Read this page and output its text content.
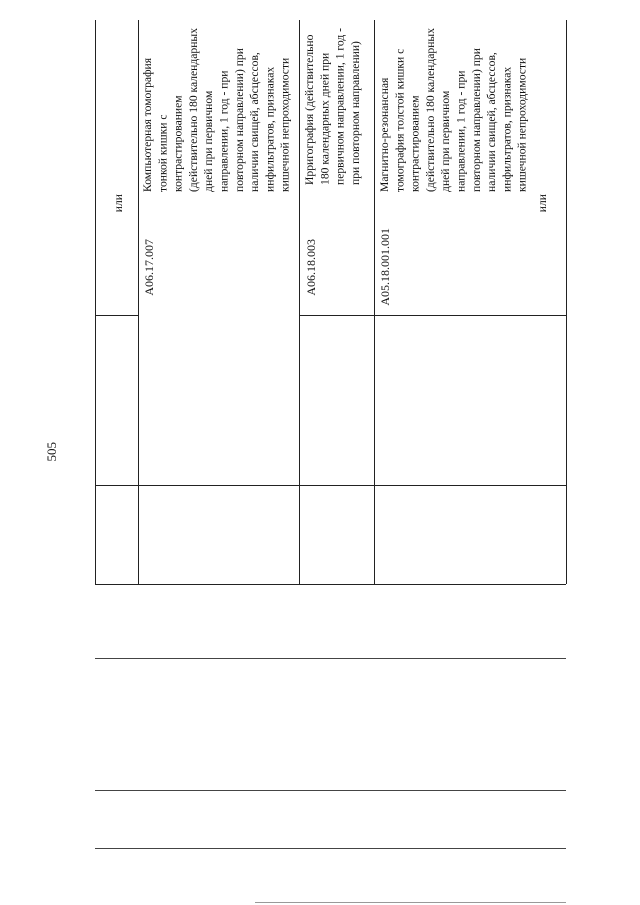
505
или
A06.17.007
Компьютерная томография тонкой кишки с контрастированием (действительно 180 календарных дней при первичном направлении, 1 год - при повторном направлении) при наличии свищей, абсцессов, инфильтратов, признаках кишечной непроходимости
A06.18.003
Ирригография (действительно 180 календарных дней при первичном направлении, 1 год - при повторном направлении)
A05.18.001.001
Магнитно-резонансная томография толстой кишки с контрастированием (действительно 180 календарных дней при первичном направлении, 1 год - при повторном направлении) при наличии свищей, абсцессов, инфильтратов, признаках кишечной непроходимости
или
